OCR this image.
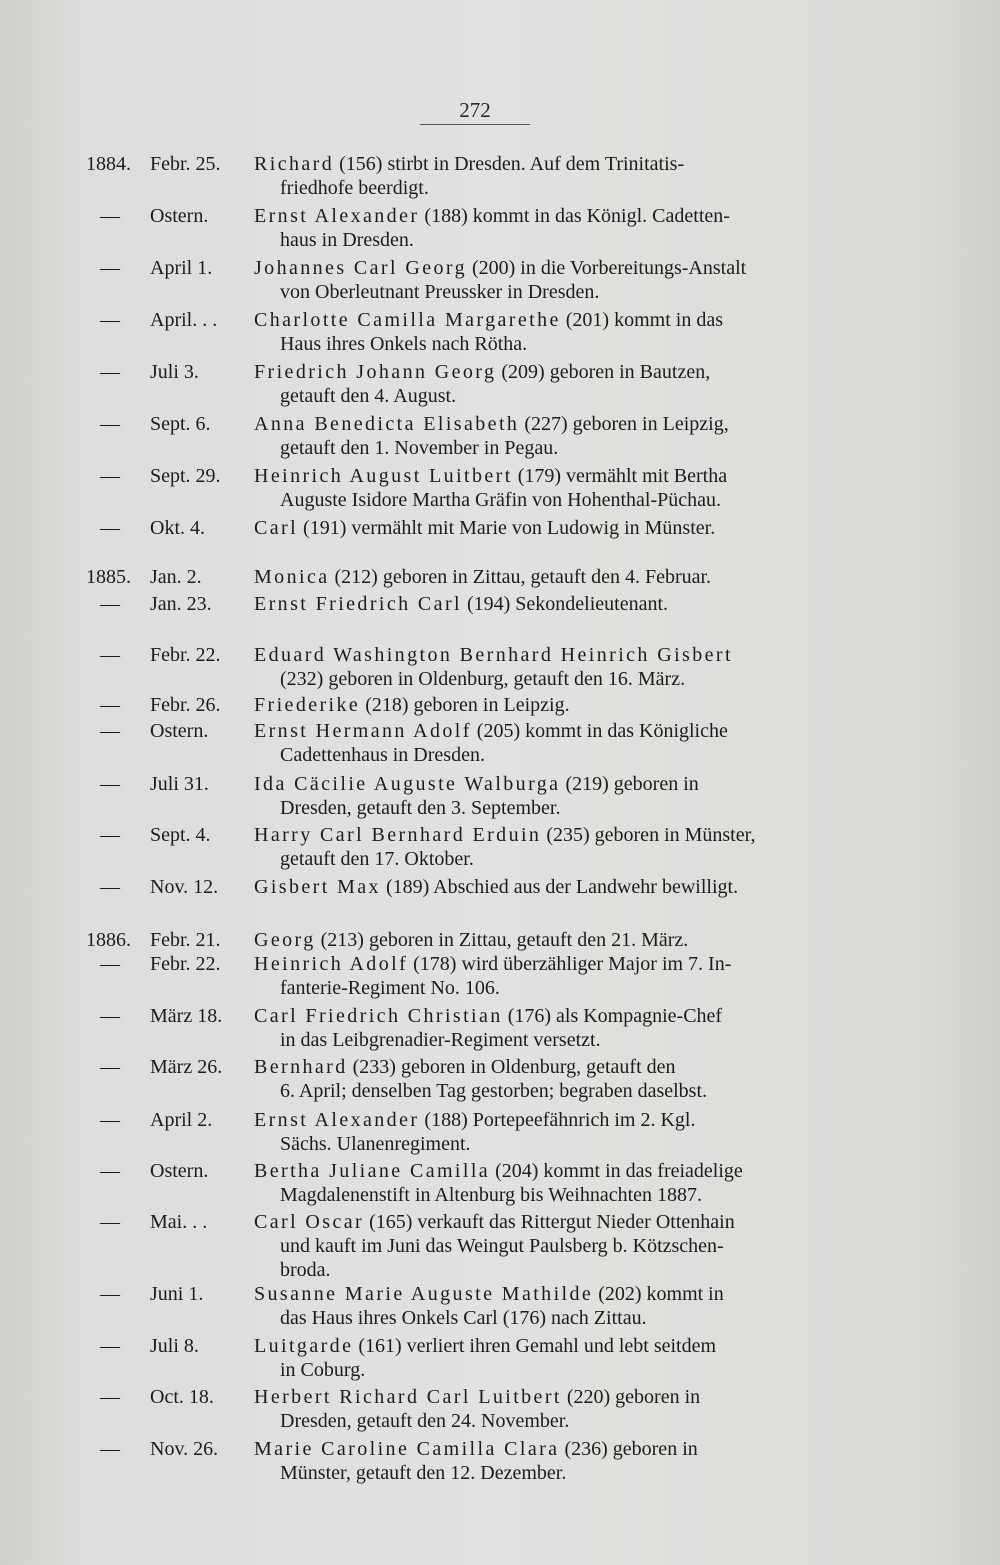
272
1884. Febr. 25.	Richard (156) stirbt in Dresden. Auf dem Trinitatis-
friedhofe beerdigt.
—	Ostern.	Ernst Alexander (188) kommt in das Königl. Cadetten-
haus in Dresden.
—	April 1.	Johannes Carl Georg (200) in die Vorbereitungs-Anstalt
von Oberleutnant Preussker in Dresden.
—	April. . .	Charlotte Camilla Margarethe (201) kommt in das
Haus ihres Onkels nach Rötha.
—	Juli 3.	Friedrich Johann Georg (209) geboren in Bautzen,
getauft den 4. August.
—	Sept. 6.	Anna Benedicta Elisabeth (227) geboren in Leipzig,
getauft den 1. November in Pegau.
—	Sept. 29.	Heinrich August Luitbert (179) vermählt mit Bertha
Auguste Isidore Martha Gräfin von Hohenthal-Püchau.
—	Okt. 4.	Carl (191) vermählt mit Marie von Ludowig in Münster.
1885. Jan. 2.	Monica (212) geboren in Zittau, getauft den 4. Februar.
—	Jan. 23.	Ernst Friedrich Carl (194) Sekondelieutenant.
—	Febr. 22.	Eduard Washington Bernhard Heinrich Gisbert
(232) geboren in Oldenburg, getauft den 16. März.
—	Febr. 26.	Friederike (218) geboren in Leipzig.
—	Ostern.	Ernst Hermann Adolf (205) kommt in das Königliche
Cadettenhaus in Dresden.
—	Juli 31.	Ida Cäcilie Auguste Walburga (219) geboren in
Dresden, getauft den 3. September.
—	Sept. 4.	Harry Carl Bernhard Erduin (235) geboren in Münster,
getauft den 17. Oktober.
—	Nov. 12.	Gisbert Max (189) Abschied aus der Landwehr bewilligt.
1886. Febr. 21.	Georg (213) geboren in Zittau, getauft den 21. März.
—	Febr. 22.	Heinrich Adolf (178) wird überzähliger Major im 7. In-
fanterie-Regiment No. 106.
—	März 18.	Carl Friedrich Christian (176) als Kompagnie-Chef
in das Leibgrenadier-Regiment versetzt.
—	März 26.	Bernhard (233) geboren in Oldenburg, getauft den
6. April; denselben Tag gestorben; begraben daselbst.
—	April 2.	Ernst Alexander (188) Portepeefähnrich im 2. Kgl.
Sächs. Ulanenregiment.
—	Ostern.	Bertha Juliane Camilla (204) kommt in das freiadelige
Magdalenenstift in Altenburg bis Weihnachten 1887.
—	Mai. . .	Carl Oscar (165) verkauft das Rittergut Nieder Ottenhain
und kauft im Juni das Weingut Paulsberg b. Kötzschen-
broda.
—	Juni 1.	Susanne Marie Auguste Mathilde (202) kommt in
das Haus ihres Onkels Carl (176) nach Zittau.
—	Juli 8.	Luitgarde (161) verliert ihren Gemahl und lebt seitdem
in Coburg.
—	Oct. 18.	Herbert Richard Carl Luitbert (220) geboren in
Dresden, getauft den 24. November.
—	Nov. 26.	Marie Caroline Camilla Clara (236) geboren in
Münster, getauft den 12. Dezember.
